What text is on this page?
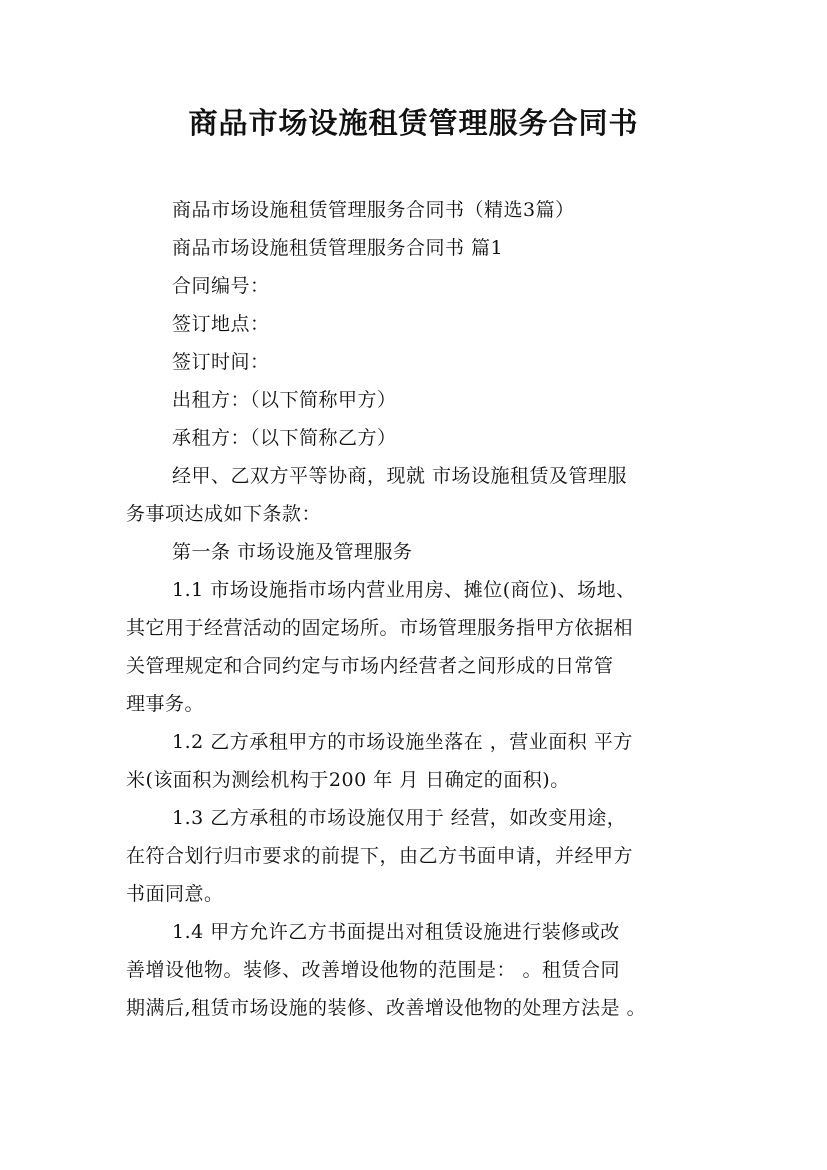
商品市场设施租赁管理服务合同书
商品市场设施租赁管理服务合同书（精选3篇）
商品市场设施租赁管理服务合同书 篇1
合同编号：
签订地点：
签订时间：
出租方：（以下简称甲方）
承租方：（以下简称乙方）
经甲、乙双方平等协商，现就 市场设施租赁及管理服
务事项达成如下条款：
第一条 市场设施及管理服务
1.1 市场设施指市场内营业用房、摊位(商位)、场地、
其它用于经营活动的固定场所。市场管理服务指甲方依据相
关管理规定和合同约定与市场内经营者之间形成的日常管
理事务。
1.2 乙方承租甲方的市场设施坐落在 ，营业面积 平方
米(该面积为测绘机构于200 年 月 日确定的面积)。
1.3 乙方承租的市场设施仅用于 经营，如改变用途，
在符合划行归市要求的前提下，由乙方书面申请，并经甲方
书面同意。
1.4 甲方允许乙方书面提出对租赁设施进行装修或改
善增设他物。装修、改善增设他物的范围是： 。租赁合同
期满后,租赁市场设施的装修、改善增设他物的处理方法是 。
